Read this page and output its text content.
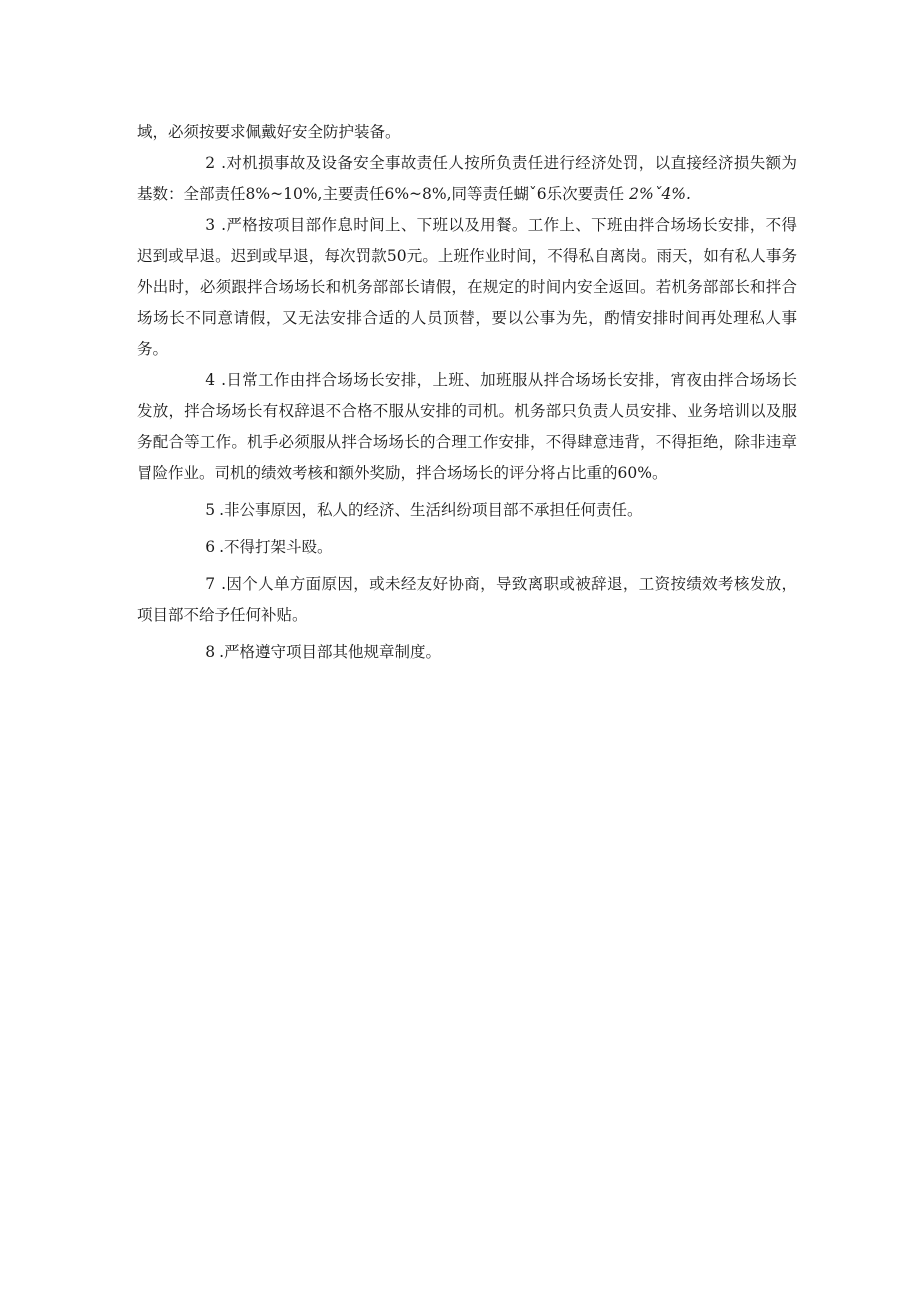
域，必须按要求佩戴好安全防护装备。

2 .对机损事故及设备安全事故责任人按所负责任进行经济处罚，以直接经济损失额为基数：全部责任8%~10%,主要责任6%~8%,同等责任蝴ˇ6乐次要责任 2%ˇ4%.

3 .严格按项目部作息时间上、下班以及用餐。工作上、下班由拌合场场长安排，不得迟到或早退。迟到或早退，每次罚款50元。上班作业时间，不得私自离岗。雨天，如有私人事务外出时，必须跟拌合场场长和机务部部长请假，在规定的时间内安全返回。若机务部部长和拌合场场长不同意请假，又无法安排合适的人员顶替，要以公事为先，酌情安排时间再处理私人事务。

4 .日常工作由拌合场场长安排，上班、加班服从拌合场场长安排，宵夜由拌合场场长发放，拌合场场长有权辞退不合格不服从安排的司机。机务部只负责人员安排、业务培训以及服务配合等工作。机手必须服从拌合场场长的合理工作安排，不得肆意违背，不得拒绝，除非违章冒险作业。司机的绩效考核和额外奖励，拌合场场长的评分将占比重的60%。

5 .非公事原因，私人的经济、生活纠纷项目部不承担任何责任。

6 .不得打架斗殴。

7 .因个人单方面原因，或未经友好协商，导致离职或被辞退，工资按绩效考核发放，项目部不给予任何补贴。

8 .严格遵守项目部其他规章制度。
